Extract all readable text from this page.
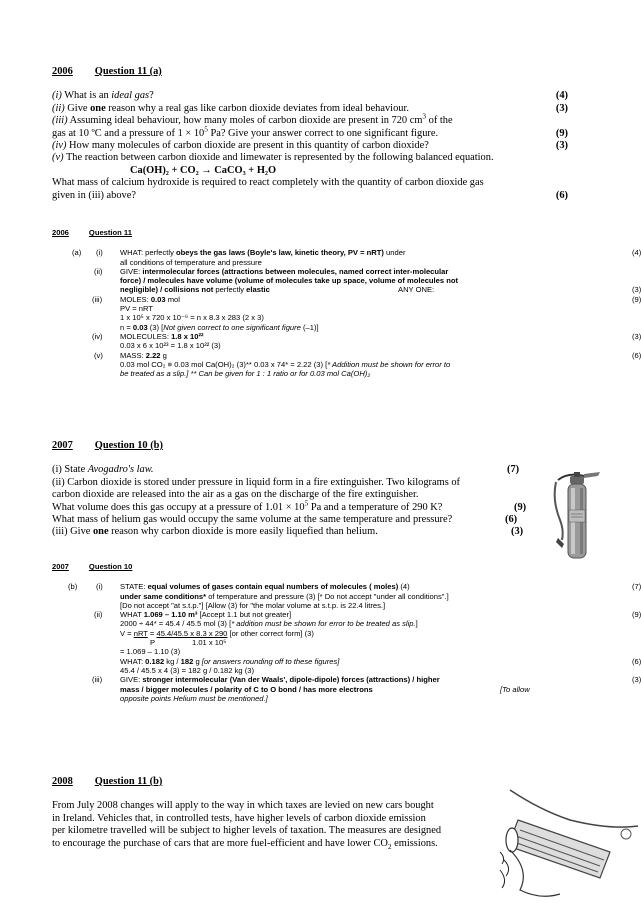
2006 Question 11 (a)
(i) What is an ideal gas?	(4)
(ii) Give one reason why a real gas like carbon dioxide deviates from ideal behaviour.	(3)
(iii) Assuming ideal behaviour, how many moles of carbon dioxide are present in 720 $cm^3$ of the
gas at 10 ºC and a pressure of $1 \times 10^5$ Pa? Give your answer correct to one significant figure.	(9)
(iv) How many molecules of carbon dioxide are present in this quantity of carbon dioxide?	(3)
(v) The reaction between carbon dioxide and limewater is represented by the following balanced equation.
Ca(OH)₂ + CO₂ → CaCO₃ + H₂O
What mass of calcium hydroxide is required to react completely with the quantity of carbon dioxide gas
given in (iii) above?	(6)
2006	Question 11
(a) (i) WHAT: perfectly obeys the gas laws (Boyle's law, kinetic theory, PV = nRT) under	(4)
all conditions of temperature and pressure
(ii) GIVE: intermolecular forces (attractions between molecules, named correct inter-molecular
force) / molecules have volume (volume of molecules take up space, volume of molecules not
negligible) / collisions not perfectly elastic	ANY ONE:	(3)
(iii) MOLES: 0.03 mol	(9)
PV = nRT
1 x 10⁵ x 720 x 10⁻⁶ = n x 8.3 x 283 (2 x 3)
n = 0.03 (3) [Not given correct to one significant figure (–1)]
(iv) MOLECULES: 1.8 x 10²²	(3)
0.03 x 6 x 10²³ = 1.8 x 10²² (3)
(v) MASS: 2.22 g	(6)
0.03 mol CO₂ ≡ 0.03 mol Ca(OH)₂ (3)** 0.03 x 74* = 2.22 (3) [* Addition must be shown for error to
be treated as a slip.] ** Can be given for 1 : 1 ratio or for 0.03 mol Ca(OH)₂
2007 Question 10 (b)
(i) State Avogadro's law.	(7)
(ii) Carbon dioxide is stored under pressure in liquid form in a fire extinguisher. Two kilograms of
carbon dioxide are released into the air as a gas on the discharge of the fire extinguisher.
What volume does this gas occupy at a pressure of $1.01 \times 10^5$ Pa and a temperature of 290 K?	(9)
What mass of helium gas would occupy the same volume at the same temperature and pressure?	(6)
(iii) Give one reason why carbon dioxide is more easily liquefied than helium.	(3)
2007	Question 10
(b) (i) STATE: equal volumes of gases contain equal numbers of molecules ( moles) (4)	(7)
under same conditions* of temperature and pressure (3) [* Do not accept "under all conditions".]
[Do not accept "at s.t.p."] [Allow (3) for "the molar volume at s.t.p. is 22.4 litres.]
(ii) WHAT 1.069 – 1.10 m³ [Accept 1.1 but not greater]	(9)
2000 ÷ 44* = 45.4 / 45.5 mol (3) [* addition must be shown for error to be treated as slip.]
V = nRT = 45.4/45.5 x 8.3 x 290 [or other correct form] (3)
P	1.01 x 10⁵
= 1.069 – 1.10 (3)
WHAT: 0.182 kg / 182 g [or answers rounding off to these figures]	(6)
45.4 / 45.5 x 4 (3) = 182 g / 0.182 kg (3)
(iii) GIVE: stronger intermolecular (Van der Waals', dipole-dipole) forces (attractions) / higher	(3)
mass / bigger molecules / polarity of C to O bond / has more electrons	[To allow
opposite points Helium must be mentioned.]
2008 Question 11 (b)
From July 2008 changes will apply to the way in which taxes are levied on new cars bought
in Ireland. Vehicles that, in controlled tests, have higher levels of carbon dioxide emission
per kilometre travelled will be subject to higher levels of taxation. The measures are designed
to encourage the purchase of cars that are more fuel-efficient and have lower $CO_2$ emissions.
